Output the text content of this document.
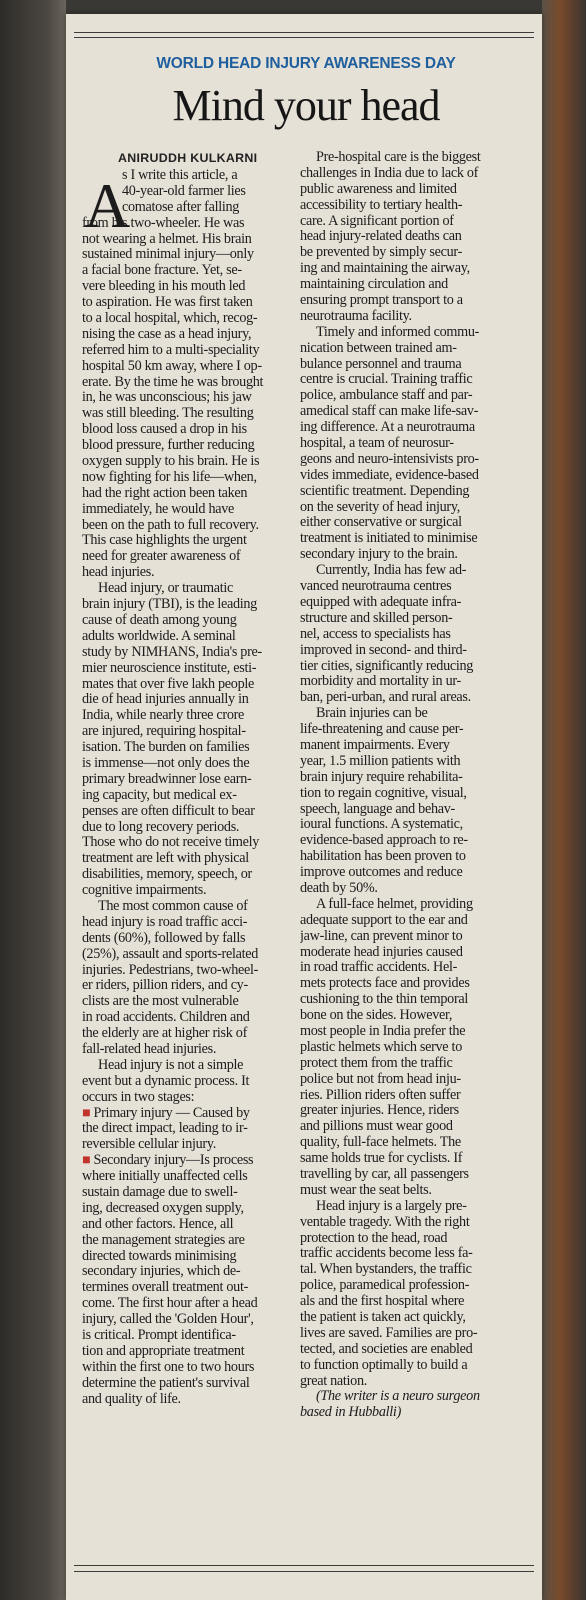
WORLD HEAD INJURY AWARENESS DAY
Mind your head
ANIRUDDH KULKARNI
A
s I write this article, a
40-year-old farmer lies
comatose after falling
from his two-wheeler. He was
not wearing a helmet. His brain
sustained minimal injury—only
a facial bone fracture. Yet, se-
vere bleeding in his mouth led
to aspiration. He was first taken
to a local hospital, which, recog-
nising the case as a head injury,
referred him to a multi-speciality
hospital 50 km away, where I op-
erate. By the time he was brought
in, he was unconscious; his jaw
was still bleeding. The resulting
blood loss caused a drop in his
blood pressure, further reducing
oxygen supply to his brain. He is
now fighting for his life—when,
had the right action been taken
immediately, he would have
been on the path to full recovery.
This case highlights the urgent
need for greater awareness of
head injuries.
Head injury, or traumatic
brain injury (TBI), is the leading
cause of death among young
adults worldwide. A seminal
study by NIMHANS, India's pre-
mier neuroscience institute, esti-
mates that over five lakh people
die of head injuries annually in
India, while nearly three crore
are injured, requiring hospital-
isation. The burden on families
is immense—not only does the
primary breadwinner lose earn-
ing capacity, but medical ex-
penses are often difficult to bear
due to long recovery periods.
Those who do not receive timely
treatment are left with physical
disabilities, memory, speech, or
cognitive impairments.
The most common cause of
head injury is road traffic acci-
dents (60%), followed by falls
(25%), assault and sports-related
injuries. Pedestrians, two-wheel-
er riders, pillion riders, and cy-
clists are the most vulnerable
in road accidents. Children and
the elderly are at higher risk of
fall-related head injuries.
Head injury is not a simple
event but a dynamic process. It
occurs in two stages:
■ Primary injury — Caused by
the direct impact, leading to ir-
reversible cellular injury.
■ Secondary injury—Is process
where initially unaffected cells
sustain damage due to swell-
ing, decreased oxygen supply,
and other factors. Hence, all
the management strategies are
directed towards minimising
secondary injuries, which de-
termines overall treatment out-
come. The first hour after a head
injury, called the 'Golden Hour',
is critical. Prompt identifica-
tion and appropriate treatment
within the first one to two hours
determine the patient's survival
and quality of life.
Pre-hospital care is the biggest
challenges in India due to lack of
public awareness and limited
accessibility to tertiary health-
care. A significant portion of
head injury-related deaths can
be prevented by simply secur-
ing and maintaining the airway,
maintaining circulation and
ensuring prompt transport to a
neurotrauma facility.
Timely and informed commu-
nication between trained am-
bulance personnel and trauma
centre is crucial. Training traffic
police, ambulance staff and par-
amedical staff can make life-sav-
ing difference. At a neurotrauma
hospital, a team of neurosur-
geons and neuro-intensivists pro-
vides immediate, evidence-based
scientific treatment. Depending
on the severity of head injury,
either conservative or surgical
treatment is initiated to minimise
secondary injury to the brain.
Currently, India has few ad-
vanced neurotrauma centres
equipped with adequate infra-
structure and skilled person-
nel, access to specialists has
improved in second- and third-
tier cities, significantly reducing
morbidity and mortality in ur-
ban, peri-urban, and rural areas.
Brain injuries can be
life-threatening and cause per-
manent impairments. Every
year, 1.5 million patients with
brain injury require rehabilita-
tion to regain cognitive, visual,
speech, language and behav-
ioural functions. A systematic,
evidence-based approach to re-
habilitation has been proven to
improve outcomes and reduce
death by 50%.
A full-face helmet, providing
adequate support to the ear and
jaw-line, can prevent minor to
moderate head injuries caused
in road traffic accidents. Hel-
mets protects face and provides
cushioning to the thin temporal
bone on the sides. However,
most people in India prefer the
plastic helmets which serve to
protect them from the traffic
police but not from head inju-
ries. Pillion riders often suffer
greater injuries. Hence, riders
and pillions must wear good
quality, full-face helmets. The
same holds true for cyclists. If
travelling by car, all passengers
must wear the seat belts.
Head injury is a largely pre-
ventable tragedy. With the right
protection to the head, road
traffic accidents become less fa-
tal. When bystanders, the traffic
police, paramedical profession-
als and the first hospital where
the patient is taken act quickly,
lives are saved. Families are pro-
tected, and societies are enabled
to function optimally to build a
great nation.
(The writer is a neuro surgeon
based in Hubballi)
